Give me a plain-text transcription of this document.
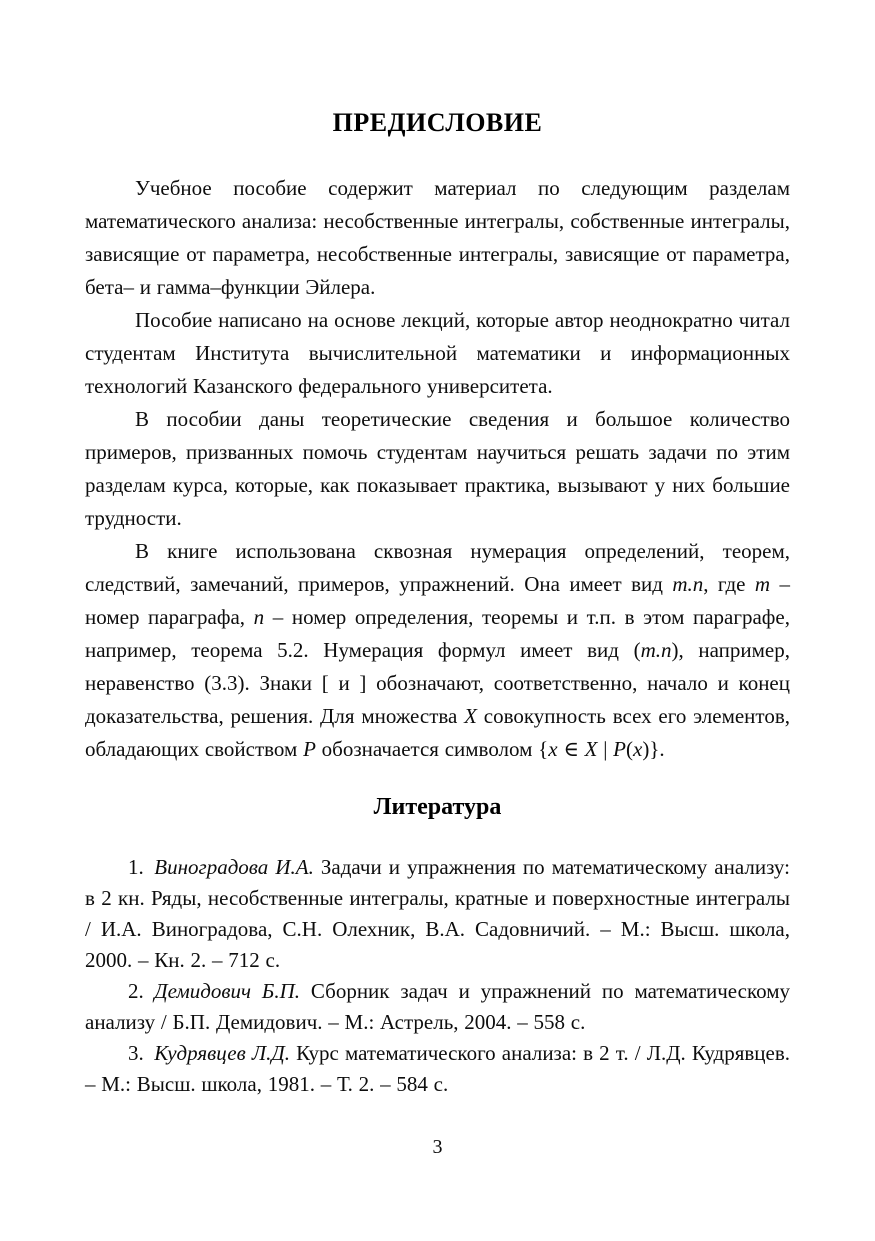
ПРЕДИСЛОВИЕ

Учебное пособие содержит материал по следующим разделам математического анализа: несобственные интегралы, собственные интегралы, зависящие от параметра, несобственные интегралы, зависящие от параметра, бета– и гамма–функции Эйлера.

Пособие написано на основе лекций, которые автор неоднократно читал студентам Института вычислительной математики и информационных технологий Казанского федерального университета.

В пособии даны теоретические сведения и большое количество примеров, призванных помочь студентам научиться решать задачи по этим разделам курса, которые, как показывает практика, вызывают у них большие трудности.

В книге использована сквозная нумерация определений, теорем, следствий, замечаний, примеров, упражнений. Она имеет вид m.n, где m – номер параграфа, n – номер определения, теоремы и т.п. в этом параграфе, например, теорема 5.2. Нумерация формул имеет вид (m.n), например, неравенство (3.3). Знаки [ и ] обозначают, соответственно, начало и конец доказательства, решения. Для множества X совокупность всех его элементов, обладающих свойством P обозначается символом {x ∈ X | P(x)}.

Литература

1. Виноградова И.А. Задачи и упражнения по математическому анализу: в 2 кн. Ряды, несобственные интегралы, кратные и поверхностные интегралы / И.А. Виноградова, С.Н. Олехник, В.А. Садовничий. – М.: Высш. школа, 2000. – Кн. 2. – 712 с.

2. Демидович Б.П. Сборник задач и упражнений по математическому анализу / Б.П. Демидович. – М.: Астрель, 2004. – 558 с.

3. Кудрявцев Л.Д. Курс математического анализа: в 2 т. / Л.Д. Кудрявцев. – М.: Высш. школа, 1981. – Т. 2. – 584 с.

3
